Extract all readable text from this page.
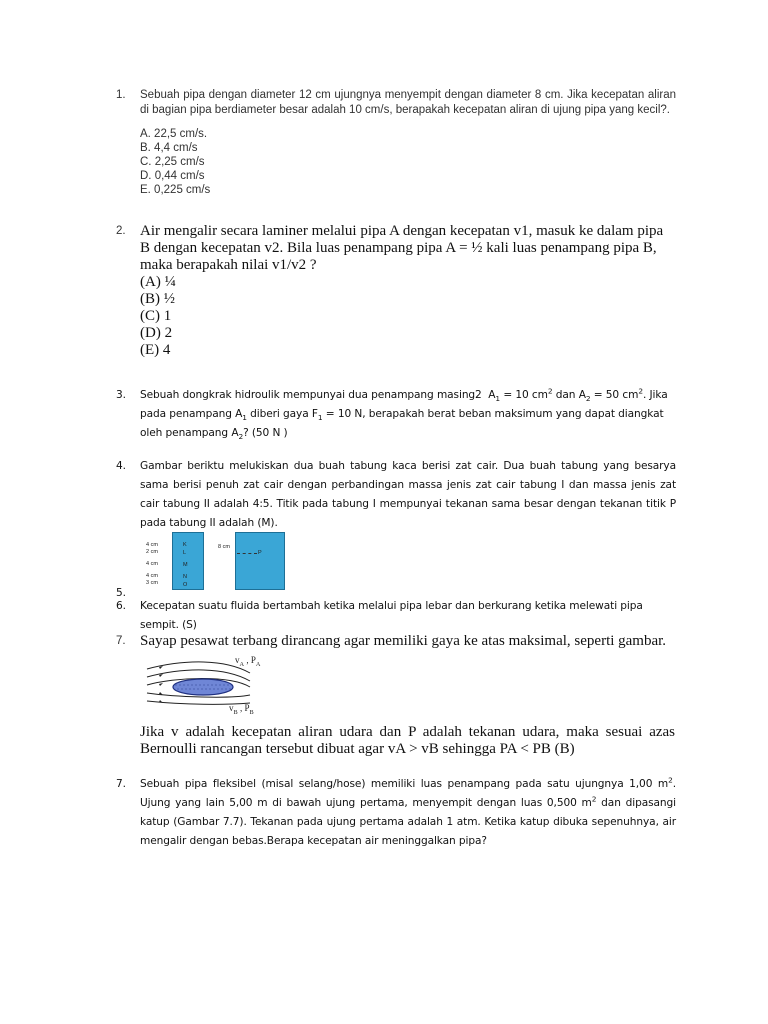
1. Sebuah pipa dengan diameter 12 cm ujungnya menyempit dengan diameter 8 cm. Jika kecepatan aliran di bagian pipa berdiameter besar adalah 10 cm/s, berapakah kecepatan aliran di ujung pipa yang kecil?.
A. 22,5 cm/s.
B. 4,4 cm/s
C. 2,25 cm/s
D. 0,44 cm/s
E. 0,225 cm/s
2. Air mengalir secara laminer melalui pipa A dengan kecepatan v1, masuk ke dalam pipa B dengan kecepatan v2. Bila luas penampang pipa A = ½ kali luas penampang pipa B, maka berapakah nilai v1/v2 ?
(A) ¼
(B) ½
(C) 1
(D) 2
(E) 4
3. Sebuah dongkrak hidroulik mempunyai dua penampang masing2 $A_1 = 10$ $cm^2$ dan $A_2 = 50$ $cm^2$. Jika pada penampang $A_1$ diberi gaya $F_1 = 10$ N, berapakah berat beban maksimum yang dapat diangkat oleh penampang $A_2$? (50 N )
4. Gambar beriktu melukiskan dua buah tabung kaca berisi zat cair. Dua buah tabung yang besarya sama berisi penuh zat cair dengan perbandingan massa jenis zat cair tabung I dan massa jenis zat cair tabung II adalah 4:5. Titik pada tabung I mempunyai tekanan sama besar dengan tekanan titik P pada tabung II adalah (M).
4 cm
2 cm
4 cm
4 cm
3 cm
K
L
M
N
O
8 cm
P
5.
6. Kecepatan suatu fluida bertambah ketika melalui pipa lebar dan berkurang ketika melewati pipa sempit. (S)
7. Sayap pesawat terbang dirancang agar memiliki gaya ke atas maksimal, seperti gambar.
$v_A$ , $P_A$
$v_B$ , $P_B$
Jika v adalah kecepatan aliran udara dan P adalah tekanan udara, maka sesuai azas Bernoulli rancangan tersebut dibuat agar vA > vB sehingga PA < PB (B)
7. Sebuah pipa fleksibel (misal selang/hose) memiliki luas penampang pada satu ujungnya 1,00 $m^2$. Ujung yang lain 5,00 m di bawah ujung pertama, menyempit dengan luas 0,500 $m^2$ dan dipasangi katup (Gambar 7.7). Tekanan pada ujung pertama adalah 1 atm. Ketika katup dibuka sepenuhnya, air mengalir dengan bebas.Berapa kecepatan air meninggalkan pipa?
